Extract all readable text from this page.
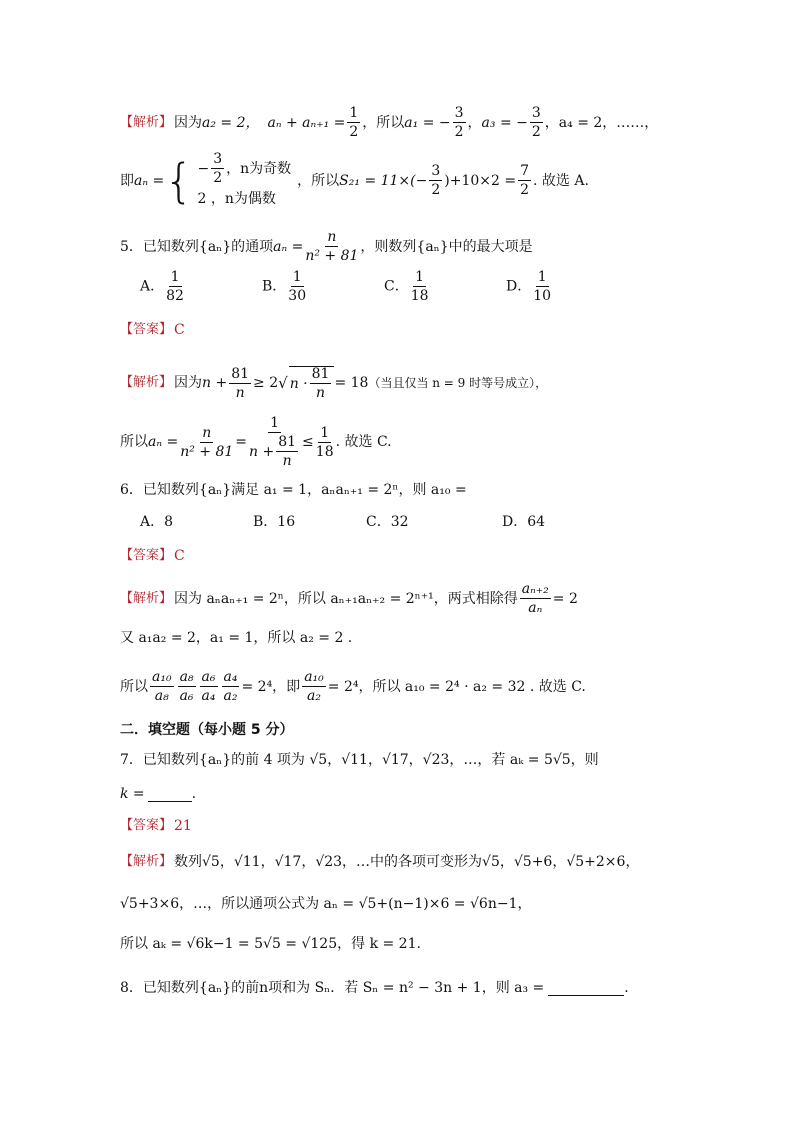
【解析】 因为 a₂ = 2， $a_n + a_{n+1} = \frac{1}{2}$ ，所以 a₁ = − $\frac{3}{2}$ ， a₃ = − $\frac{3}{2}$ ，a₄ = 2，……，
即 aₙ = { − $\frac{3}{2}$ ，n为奇数
2 ，n为偶数
，所以 $S_{21} = 11\times(- \frac{3}{2} )+10\times 2 = \frac{7}{2}$ . 故选 A.
5．已知数列{aₙ}的通项 $a_n = \frac{n}{\text{n² + 81}}$ ，则数列{aₙ}中的最大项是
A． $\frac{1}{82}$	B． $\frac{1}{30}$	C． $\frac{1}{18}$	D． $\frac{1}{10}$
【答案】 C
【解析】 因为 $n + \frac{81}{n} \ge 2$ √ $n \cdot \frac{81}{n} = 18$ （当且仅当 n = 9 时等号成立），
所以 $a_n = \frac{n}{\text{n² + 81}} = \frac{1}{n + \frac{81}{n}} \le \frac{1}{18}$ . 故选 C.
6．已知数列{aₙ}满足 a₁ = 1，aₙaₙ₊₁ = 2ⁿ，则 a₁₀ =
A．8	B．16	C．32	D．64
【答案】 C
【解析】 因为 aₙaₙ₊₁ = 2ⁿ，所以 aₙ₊₁aₙ₊₂ = 2ⁿ⁺¹，两式相除得 $\frac{\text{aₙ₊₂}}{\text{aₙ}} = 2$
又 a₁a₂ = 2，a₁ = 1，所以 a₂ = 2 .
所以 $\frac{\text{a₁₀}}{\text{a₈}} \frac{\text{a₈}}{\text{a₆}} \frac{\text{a₆}}{\text{a₄}} \frac{\text{a₄}}{\text{a₂}} = 2^4$，即 $\frac{\text{a₁₀}}{\text{a₂}} = 2^4$，所以 a₁₀ = 2⁴ · a₂ = 32 . 故选 C.
二．填空题（每小题 5 分）
7．已知数列{aₙ}的前 4 项为 √5，√11，√17，√23，…，若 aₖ = 5√5，则
k =	.
【答案】 21
【解析】 数列√5，√11，√17，√23，…中的各项可变形为√5，√5+6，√5+2×6，
√5+3×6，…，所以通项公式为 aₙ = √5+(n−1)×6 = √6n−1，
所以 aₖ = √6k−1 = 5√5 = √125，得 k = 21.
8．已知数列{aₙ}的前n项和为 Sₙ．若 Sₙ = n² − 3n + 1，则 a₃ =	.
